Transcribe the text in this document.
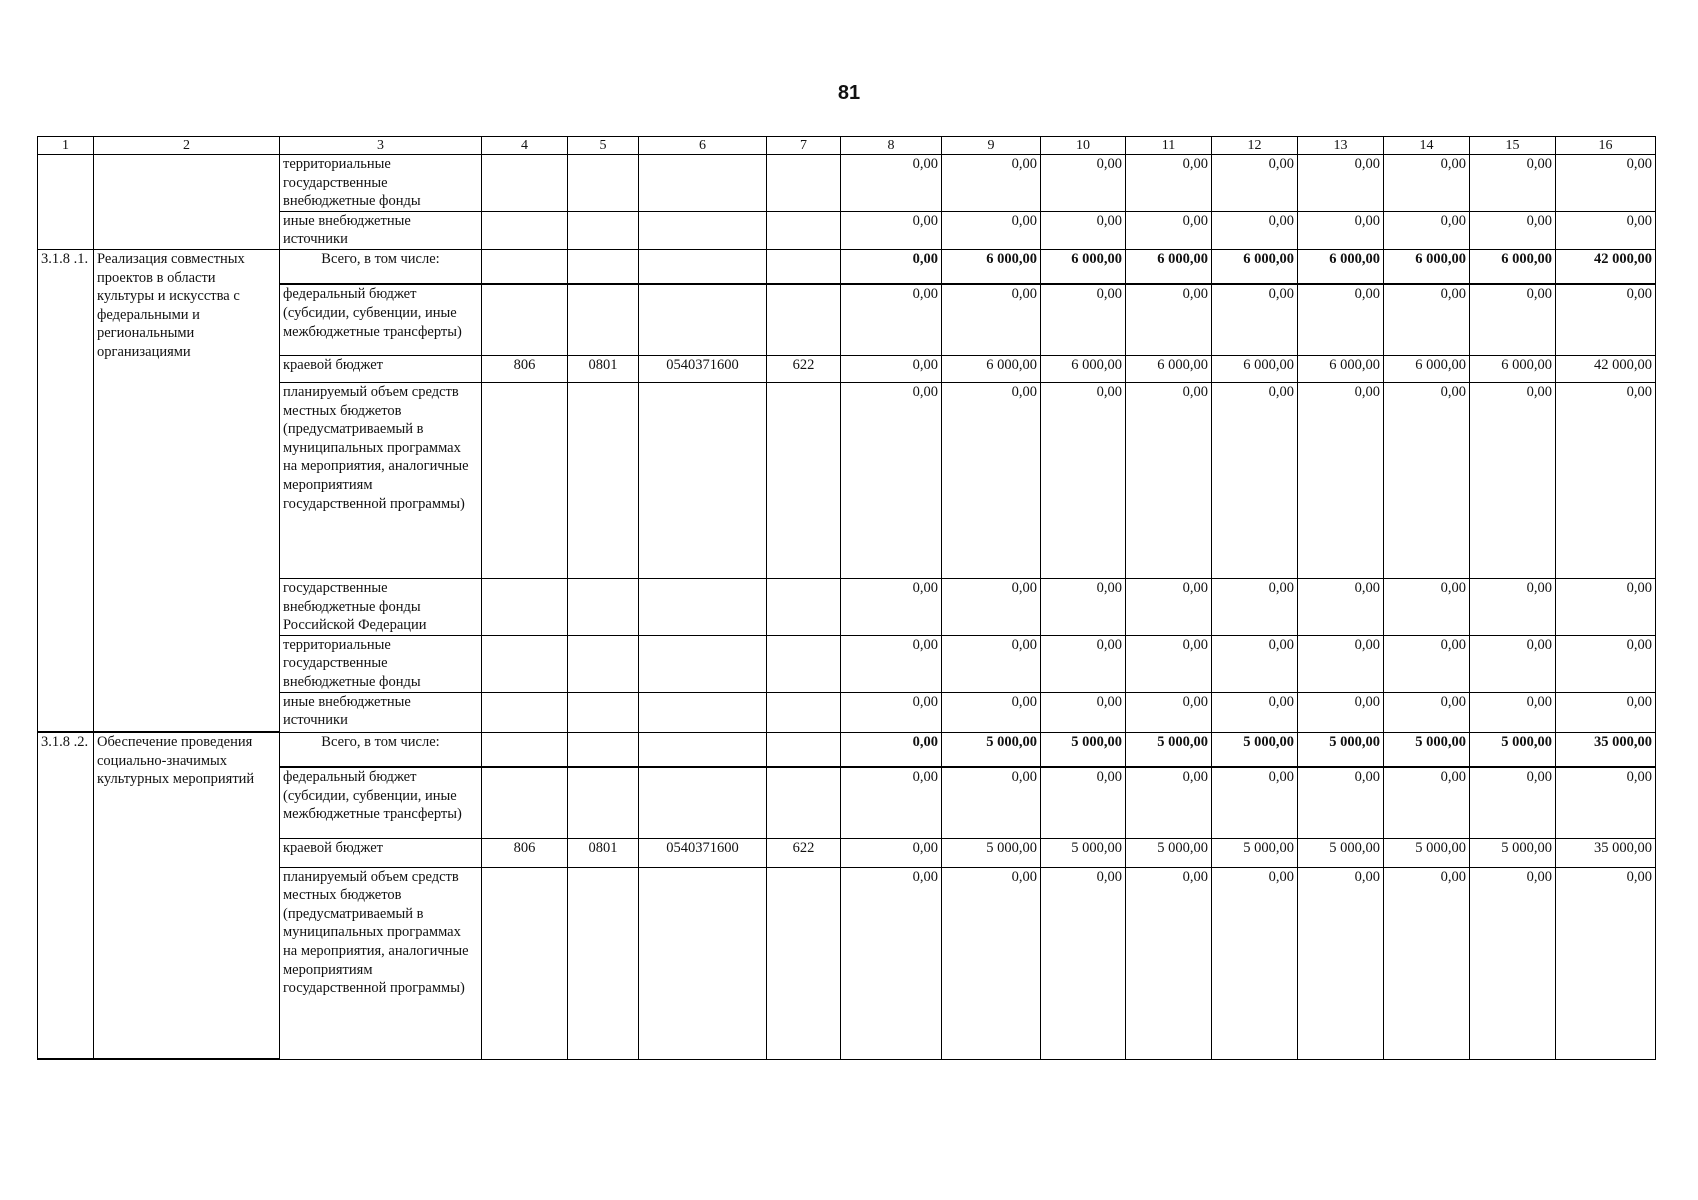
81
1	2	3	4	5	6	7	8	9	10	11	12	13	14	15	16
		территориальные государственные внебюджетные фонды					0,00	0,00	0,00	0,00	0,00	0,00	0,00	0,00	0,00
		иные внебюджетные источники					0,00	0,00	0,00	0,00	0,00	0,00	0,00	0,00	0,00
3.1.8 .1.	Реализация совместных проектов в области культуры и искусства с федеральными и региональными организациями	Всего, в том числе:					0,00	6 000,00	6 000,00	6 000,00	6 000,00	6 000,00	6 000,00	6 000,00	42 000,00
		федеральный бюджет (субсидии, субвенции, иные межбюджетные трансферты)					0,00	0,00	0,00	0,00	0,00	0,00	0,00	0,00	0,00
		краевой бюджет	806	0801	0540371600	622	0,00	6 000,00	6 000,00	6 000,00	6 000,00	6 000,00	6 000,00	6 000,00	42 000,00
		планируемый объем средств местных бюджетов (предусматриваемый в муниципальных программах на мероприятия, аналогичные мероприятиям государственной программы)					0,00	0,00	0,00	0,00	0,00	0,00	0,00	0,00	0,00
		государственные внебюджетные фонды Российской Федерации					0,00	0,00	0,00	0,00	0,00	0,00	0,00	0,00	0,00
		территориальные государственные внебюджетные фонды					0,00	0,00	0,00	0,00	0,00	0,00	0,00	0,00	0,00
		иные внебюджетные источники					0,00	0,00	0,00	0,00	0,00	0,00	0,00	0,00	0,00
3.1.8 .2.	Обеспечение проведения социально-значимых культурных мероприятий	Всего, в том числе:					0,00	5 000,00	5 000,00	5 000,00	5 000,00	5 000,00	5 000,00	5 000,00	35 000,00
		федеральный бюджет (субсидии, субвенции, иные межбюджетные трансферты)					0,00	0,00	0,00	0,00	0,00	0,00	0,00	0,00	0,00
		краевой бюджет	806	0801	0540371600	622	0,00	5 000,00	5 000,00	5 000,00	5 000,00	5 000,00	5 000,00	5 000,00	35 000,00
		планируемый объем средств местных бюджетов (предусматриваемый в муниципальных программах на мероприятия, аналогичные мероприятиям государственной программы)					0,00	0,00	0,00	0,00	0,00	0,00	0,00	0,00	0,00
